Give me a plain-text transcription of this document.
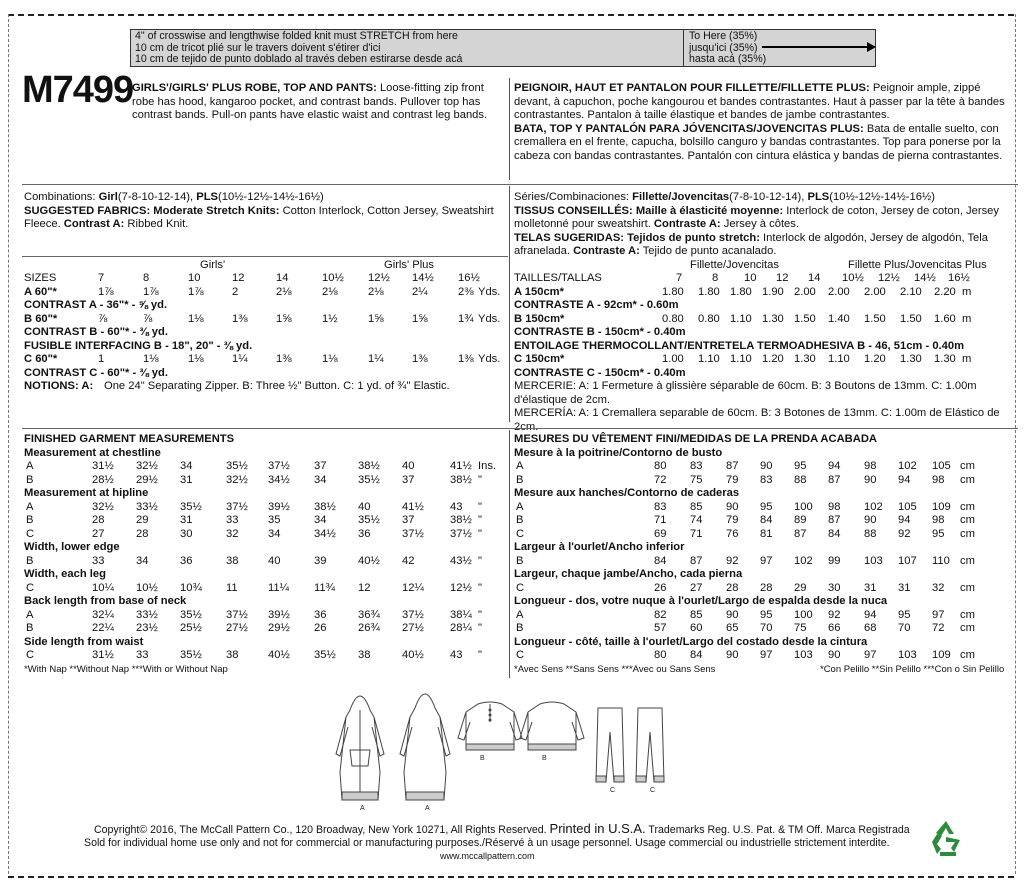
4" of crosswise and lengthwise folded knit must STRETCH from here
10 cm de tricot plié sur le travers doivent s'étirer d'ici
10 cm de tejido de punto doblado al través deben estirarse desde acá
To Here (35%)
jusqu'ici (35%)
hasta acá (35%)
M7499
GIRLS'/GIRLS' PLUS ROBE, TOP AND PANTS: Loose-fitting zip front robe has hood, kangaroo pocket, and contrast bands. Pullover top has contrast bands. Pull-on pants have elastic waist and contrast leg bands.
PEIGNOIR, HAUT ET PANTALON POUR FILLETTE/FILLETTE PLUS: Peignoir ample, zippé devant, à capuchon, poche kangourou et bandes contrastantes. Haut à passer par la tête à bandes contrastantes. Pantalon à taille élastique et bandes de jambe contrastantes.
BATA, TOP Y PANTALÓN PARA JÓVENCITAS/JOVENCITAS PLUS: Bata de entalle suelto, con cremallera en el frente, capucha, bolsillo canguro y bandas contrastantes. Top para ponerse por la cabeza con bandas contrastantes. Pantalón con cintura elástica y bandas de pierna contrastantes.
Combinations: Girl(7-8-10-12-14), PLS(10½-12½-14½-16½)
SUGGESTED FABRICS: Moderate Stretch Knits: Cotton Interlock, Cotton Jersey, Sweatshirt Fleece. Contrast A: Ribbed Knit.
Séries/Combinaciones: Fillette/Jovencitas(7-8-10-12-14), PLS(10½-12½-14½-16½)
TISSUS CONSEILLÉS: Maille à élasticité moyenne: Interlock de coton, Jersey de coton, Jersey molletonné pour sweatshirt. Contraste A: Jersey à côtes.
TELAS SUGERIDAS: Tejidos de punto stretch: Interlock de algodón, Jersey de algodón, Tela afranelada. Contraste A: Tejido de punto acanalado.
Girls'	Girls' Plus
SIZES	7	8	10	12	14	10½ 12½ 14½ 16½
A 60"*	1⅞	1⅞	1⅞	2	2⅛	2⅛	2⅛	2¼	2⅜ Yds.
CONTRAST A - 36"* - ⅝ yd.
B 60"*	⅞	⅞	1⅛	1⅜	1⅝	1½	1⅝	1⅝	1¾ Yds.
CONTRAST B - 60"* - ⅜ yd.
FUSIBLE INTERFACING B - 18", 20" - ⅜ yd.
C 60"*	1	1⅛	1⅛	1¼	1⅜	1⅛	1¼	1⅜	1⅜ Yds.
CONTRAST C - 60"* - ⅜ yd.
NOTIONS: A: One 24" Separating Zipper. B: Three ½" Button. C: 1 yd. of ¾" Elastic.
Fillette/Jovencitas	Fillette Plus/Jovencitas Plus
TAILLES/TALLAS	7	8 10 12 14 10½ 12½ 14½ 16½
A 150cm*	1.80 1.80 1.80 1.90 2.00 2.00 2.00 2.10 2.20 m
CONTRASTE A - 92cm* - 0.60m
B 150cm*	0.80 0.80 1.10 1.30 1.50 1.40 1.50 1.50 1.60 m
CONTRASTE B - 150cm* - 0.40m
ENTOILAGE THERMOCOLLANT/ENTRETELA TERMOADHESIVA B - 46, 51cm - 0.40m
C 150cm*	1.00 1.10 1.10 1.20 1.30 1.10 1.20 1.30 1.30 m
CONTRASTE C - 150cm* - 0.40m
MERCERIE: A: 1 Fermeture à glissière séparable de 60cm. B: 3 Boutons de 13mm. C: 1.00m d'élastique de 2cm.
MERCERÍA: A: 1 Cremallera separable de 60cm. B: 3 Botones de 13mm. C: 1.00m de Elástico de 2cm.
FINISHED GARMENT MEASUREMENTS
Measurement at chestline
A	31½ 32½ 34	35½ 37½ 37	38½ 40	41½ Ins.
B	28½ 29½ 31	32½ 34½ 34	35½ 37	38½ "
Measurement at hipline
A	32½ 33½ 35½ 37½ 39½ 38½ 40	41½ 43 "
B	28	29	31	33	35	34	35½ 37	38½ "
C	27	28	30	32	34	34½ 36	37½ 37½ "
Width, lower edge
B	33	34	36	38	40	39	40½ 42	43½ "
Width, each leg
C	10¼ 10½ 10¾ 11	11¼ 11¾ 12	12¼ 12½ "
Back length from base of neck
A	32¼ 33½ 35½ 37½ 39½ 36	36¾ 37½ 38¼ "
B	22¼ 23½ 25½ 27½ 29½ 26	26¾ 27½ 28¼ "
Side length from waist
C	31½ 33	35½ 38	40½ 35½ 38	40½ 43 "
*With Nap **Without Nap ***With or Without Nap
MESURES DU VÊTEMENT FINI/MEDIDAS DE LA PRENDA ACABADA
Mesure à la poitrine/Contorno de busto
A	80 83 87 90 95 94 98 102 105 cm
B	72 75 79 83 88 87 90 94 98 cm
Mesure aux hanches/Contorno de caderas
A	83 85 90 95 100 98 102 105 109 cm
B	71 74 79 84 89 87 90 94 98 cm
C	69 71 76 81 87 84 88 92 95 cm
Largeur à l'ourlet/Ancho inferior
B	84 87 92 97 102 99 103 107 110 cm
Largeur, chaque jambe/Ancho, cada pierna
C	26 27 28 28 29 30 31 31 32 cm
Longueur - dos, votre nuque à l'ourlet/Largo de espalda desde la nuca
A	82 85 90 95 100 92 94 95 97 cm
B	57 60 65 70 75 66 68 70 72 cm
Longueur - côté, taille à l'ourlet/Largo del costado desde la cintura
C	80 84 90 97 103 90 97 103 109 cm
*Avec Sens **Sans Sens ***Avec ou Sans Sens	*Con Pelillo **Sin Pelillo ***Con o Sin Pelillo
A	A
B	B
C	C
Copyright© 2016, The McCall Pattern Co., 120 Broadway, New York 10271, All Rights Reserved. Printed in U.S.A. Trademarks Reg. U.S. Pat. & TM Off. Marca Registrada
Sold for individual home use only and not for commercial or manufacturing purposes./Réservé à un usage personnel. Usage commercial ou industrielle strictement interdite.
www.mccallpattern.com
